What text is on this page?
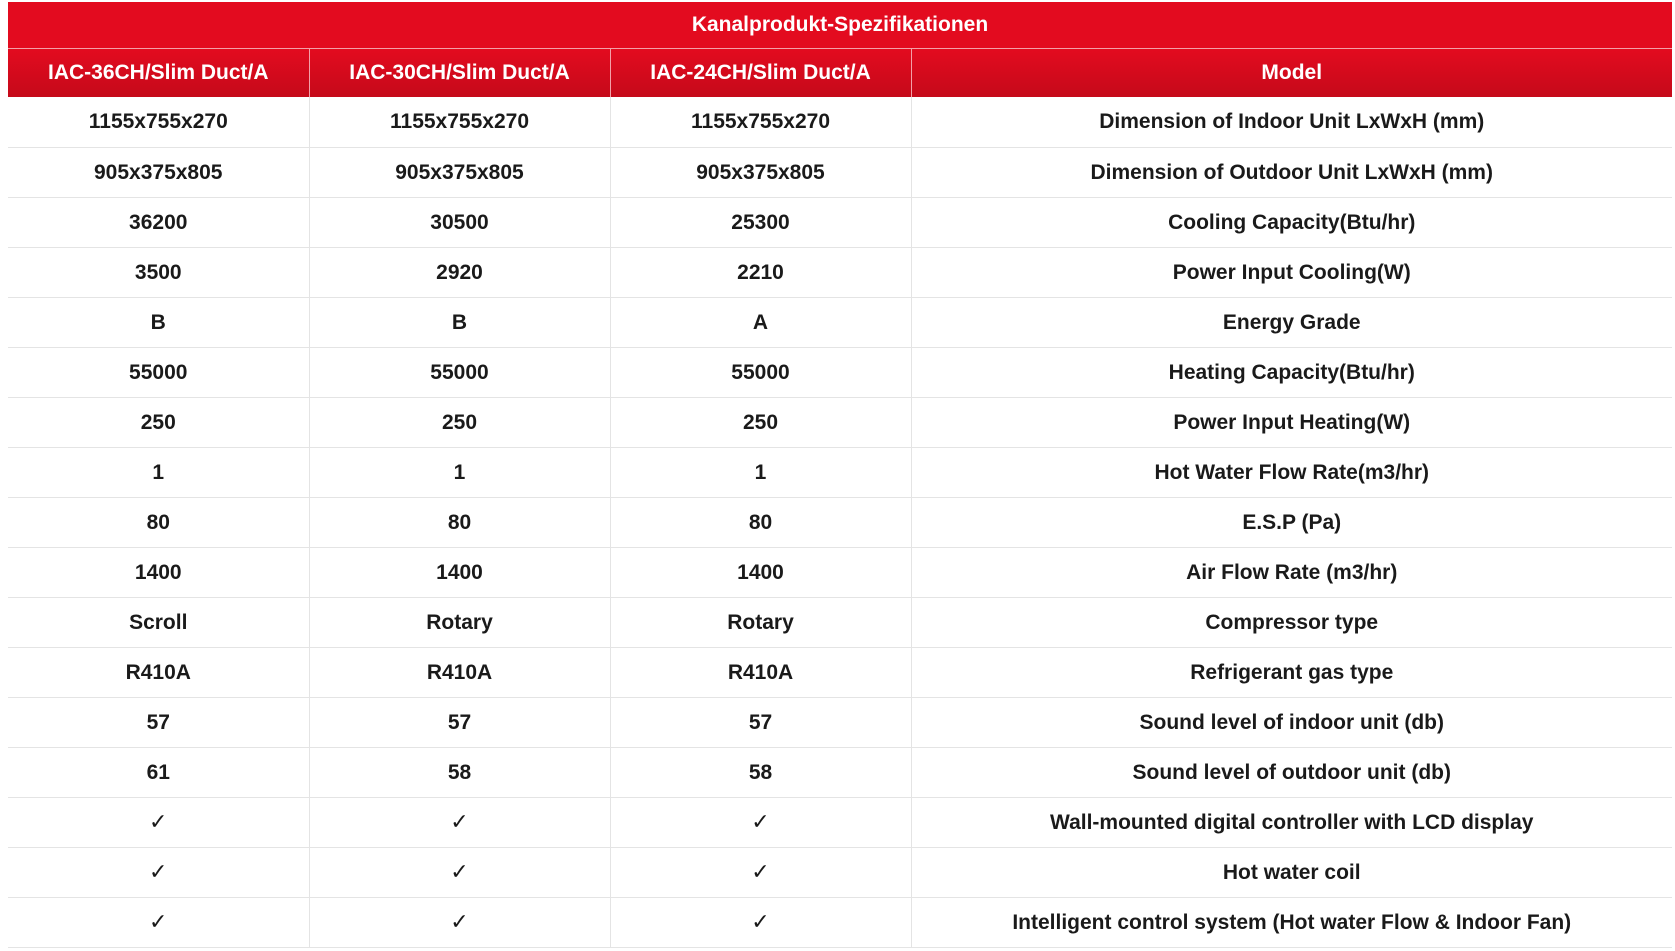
Kanalprodukt-Spezifikationen
IAC-36CH/Slim Duct/A	IAC-30CH/Slim Duct/A	IAC-24CH/Slim Duct/A	Model
1155x755x270	1155x755x270	1155x755x270	Dimension of Indoor Unit LxWxH (mm)
905x375x805	905x375x805	905x375x805	Dimension of Outdoor Unit LxWxH (mm)
36200	30500	25300	Cooling Capacity(Btu/hr)
3500	2920	2210	Power Input Cooling(W)
B	B	A	Energy Grade
55000	55000	55000	Heating Capacity(Btu/hr)
250	250	250	Power Input Heating(W)
1	1	1	Hot Water Flow Rate(m3/hr)
80	80	80	E.S.P (Pa)
1400	1400	1400	Air Flow Rate (m3/hr)
Scroll	Rotary	Rotary	Compressor type
R410A	R410A	R410A	Refrigerant gas type
57	57	57	Sound level of indoor unit (db)
61	58	58	Sound level of outdoor unit (db)
✓	✓	✓	Wall-mounted digital controller with LCD display
✓	✓	✓	Hot water coil
✓	✓	✓	Intelligent control system (Hot water Flow & Indoor Fan)
